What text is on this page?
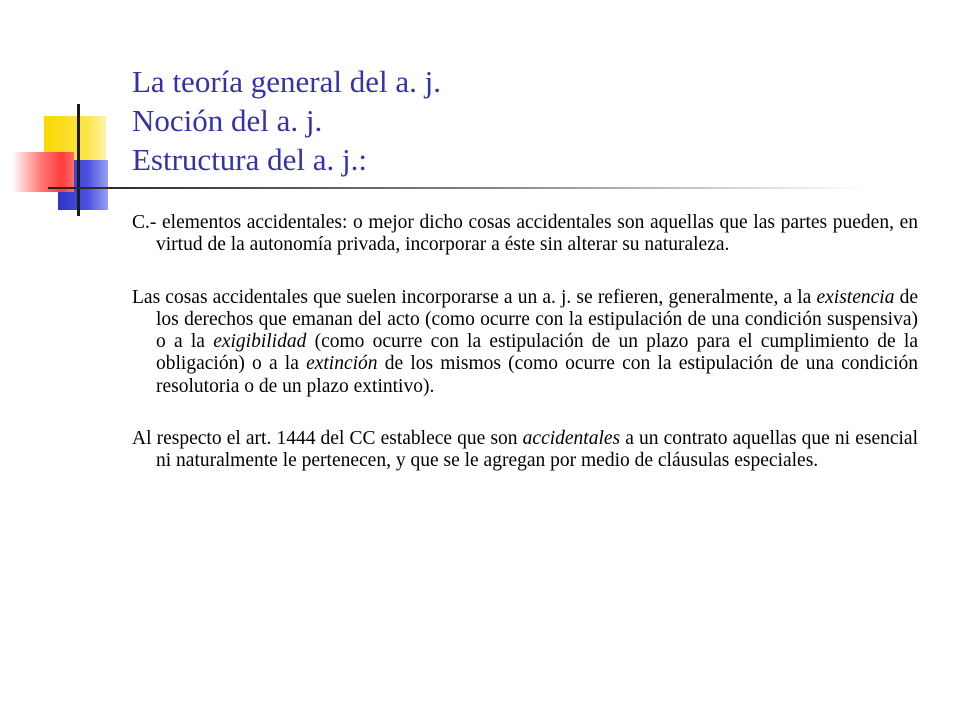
La teoría general del a. j.
Noción del a. j.
Estructura del a. j.:

C.- elementos accidentales: o mejor dicho cosas accidentales son aquellas que las partes pueden, en virtud de la autonomía privada, incorporar a éste sin alterar su naturaleza.

Las cosas accidentales que suelen incorporarse a un a. j. se refieren, generalmente, a la existencia de los derechos que emanan del acto (como ocurre con la estipulación de una condición suspensiva) o a la exigibilidad (como ocurre con la estipulación de un plazo para el cumplimiento de la obligación) o a la extinción de los mismos (como ocurre con la estipulación de una condición resolutoria o de un plazo extintivo).

Al respecto el art. 1444 del CC establece que son accidentales a un contrato aquellas que ni esencial ni naturalmente le pertenecen, y que se le agregan por medio de cláusulas especiales.
